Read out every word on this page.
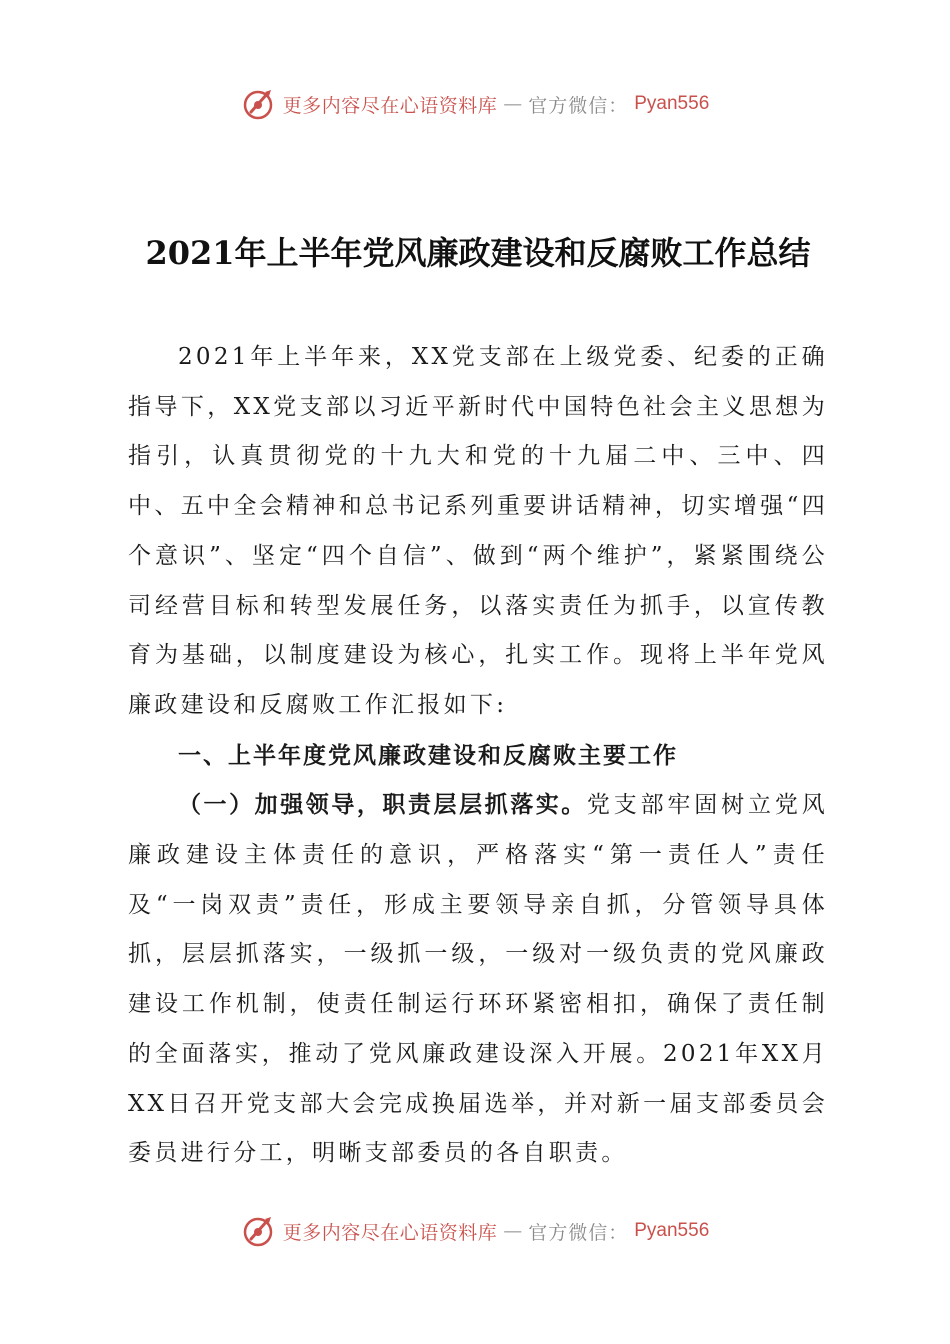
更多内容尽在心语资料库 — 官方微信： Pyan556
2021年上半年党风廉政建设和反腐败工作总结

2021年上半年来，XX党支部在上级党委、纪委的正确指导下，XX党支部以习近平新时代中国特色社会主义思想为指引，认真贯彻党的十九大和党的十九届二中、三中、四中、五中全会精神和总书记系列重要讲话精神，切实增强“四个意识”、坚定“四个自信”、做到“两个维护”，紧紧围绕公司经营目标和转型发展任务，以落实责任为抓手，以宣传教育为基础，以制度建设为核心，扎实工作。现将上半年党风廉政建设和反腐败工作汇报如下:

一、上半年度党风廉政建设和反腐败主要工作

（一）加强领导，职责层层抓落实。党支部牢固树立党风廉政建设主体责任的意识，严格落实“第一责任人”责任及“一岗双责”责任，形成主要领导亲自抓，分管领导具体抓，层层抓落实，一级抓一级，一级对一级负责的党风廉政建设工作机制，使责任制运行环环紧密相扣，确保了责任制的全面落实，推动了党风廉政建设深入开展。2021年XX月XX日召开党支部大会完成换届选举，并对新一届支部委员会委员进行分工，明晰支部委员的各自职责。

更多内容尽在心语资料库 — 官方微信： Pyan556
